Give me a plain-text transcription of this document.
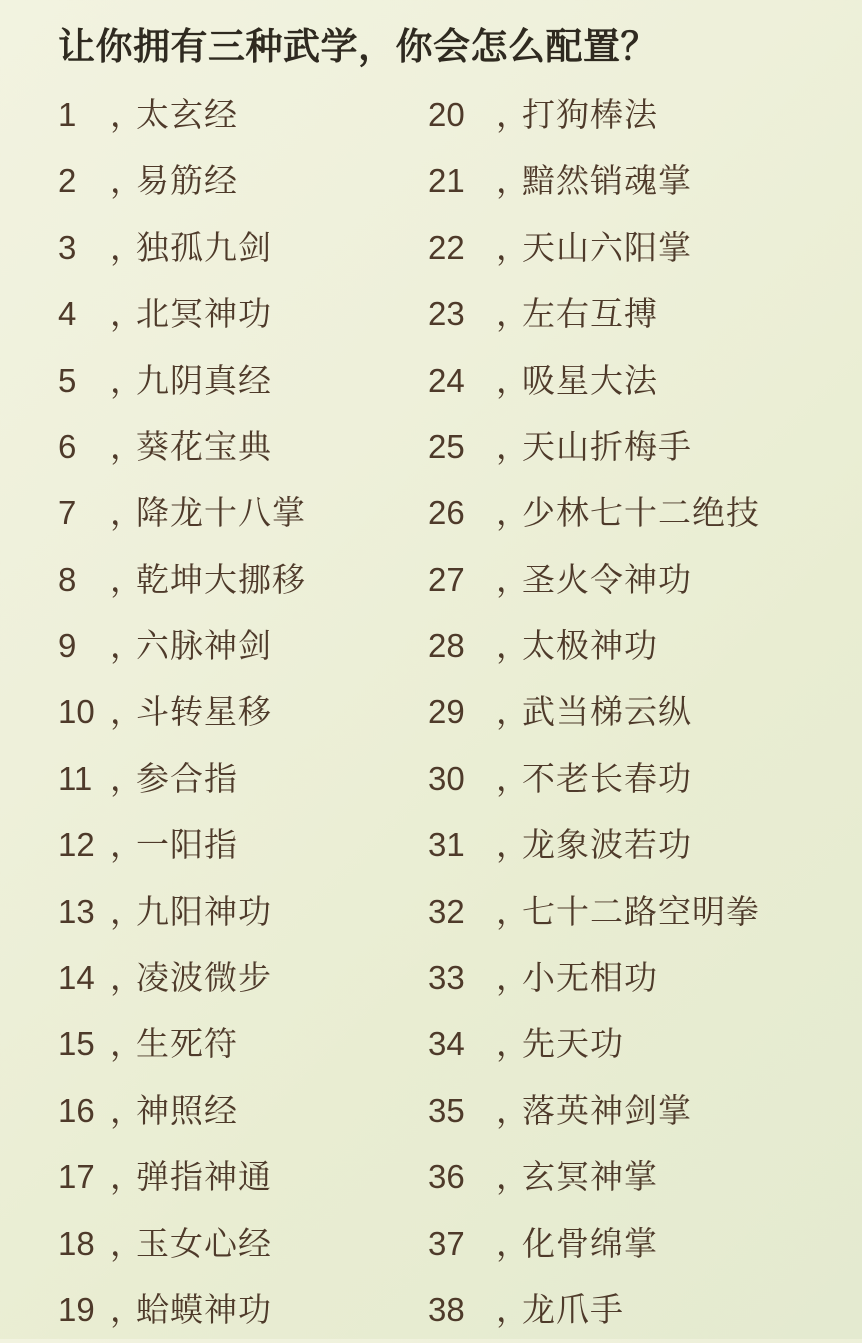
让你拥有三种武学，你会怎么配置？
1	，
太玄经
2	，
易筋经
3	，
独孤九剑
4	，
北冥神功
5	，
九阴真经
6	，
葵花宝典
7	，
降龙十八掌
8	，
乾坤大挪移
9	，
六脉神剑
10 ，
斗转星移
11 ，
参合指
12 ，
一阳指
13 ，
九阳神功
14 ，
凌波微步
15 ，
生死符
16 ，
神照经
17 ，
弹指神通
18 ，
玉女心经
19 ，
蛤蟆神功
20 ，
打狗棒法
21 ，
黯然销魂掌
22 ，
天山六阳掌
23 ，
左右互搏
24 ，
吸星大法
25 ，
天山折梅手
26 ，
少林七十二绝技
27 ，
圣火令神功
28 ，
太极神功
29 ，
武当梯云纵
30 ，
不老长春功
31 ，
龙象波若功
32 ，
七十二路空明拳
33 ，
小无相功
34 ，
先天功
35 ，
落英神剑掌
36 ，
玄冥神掌
37 ，
化骨绵掌
38 ，
龙爪手
